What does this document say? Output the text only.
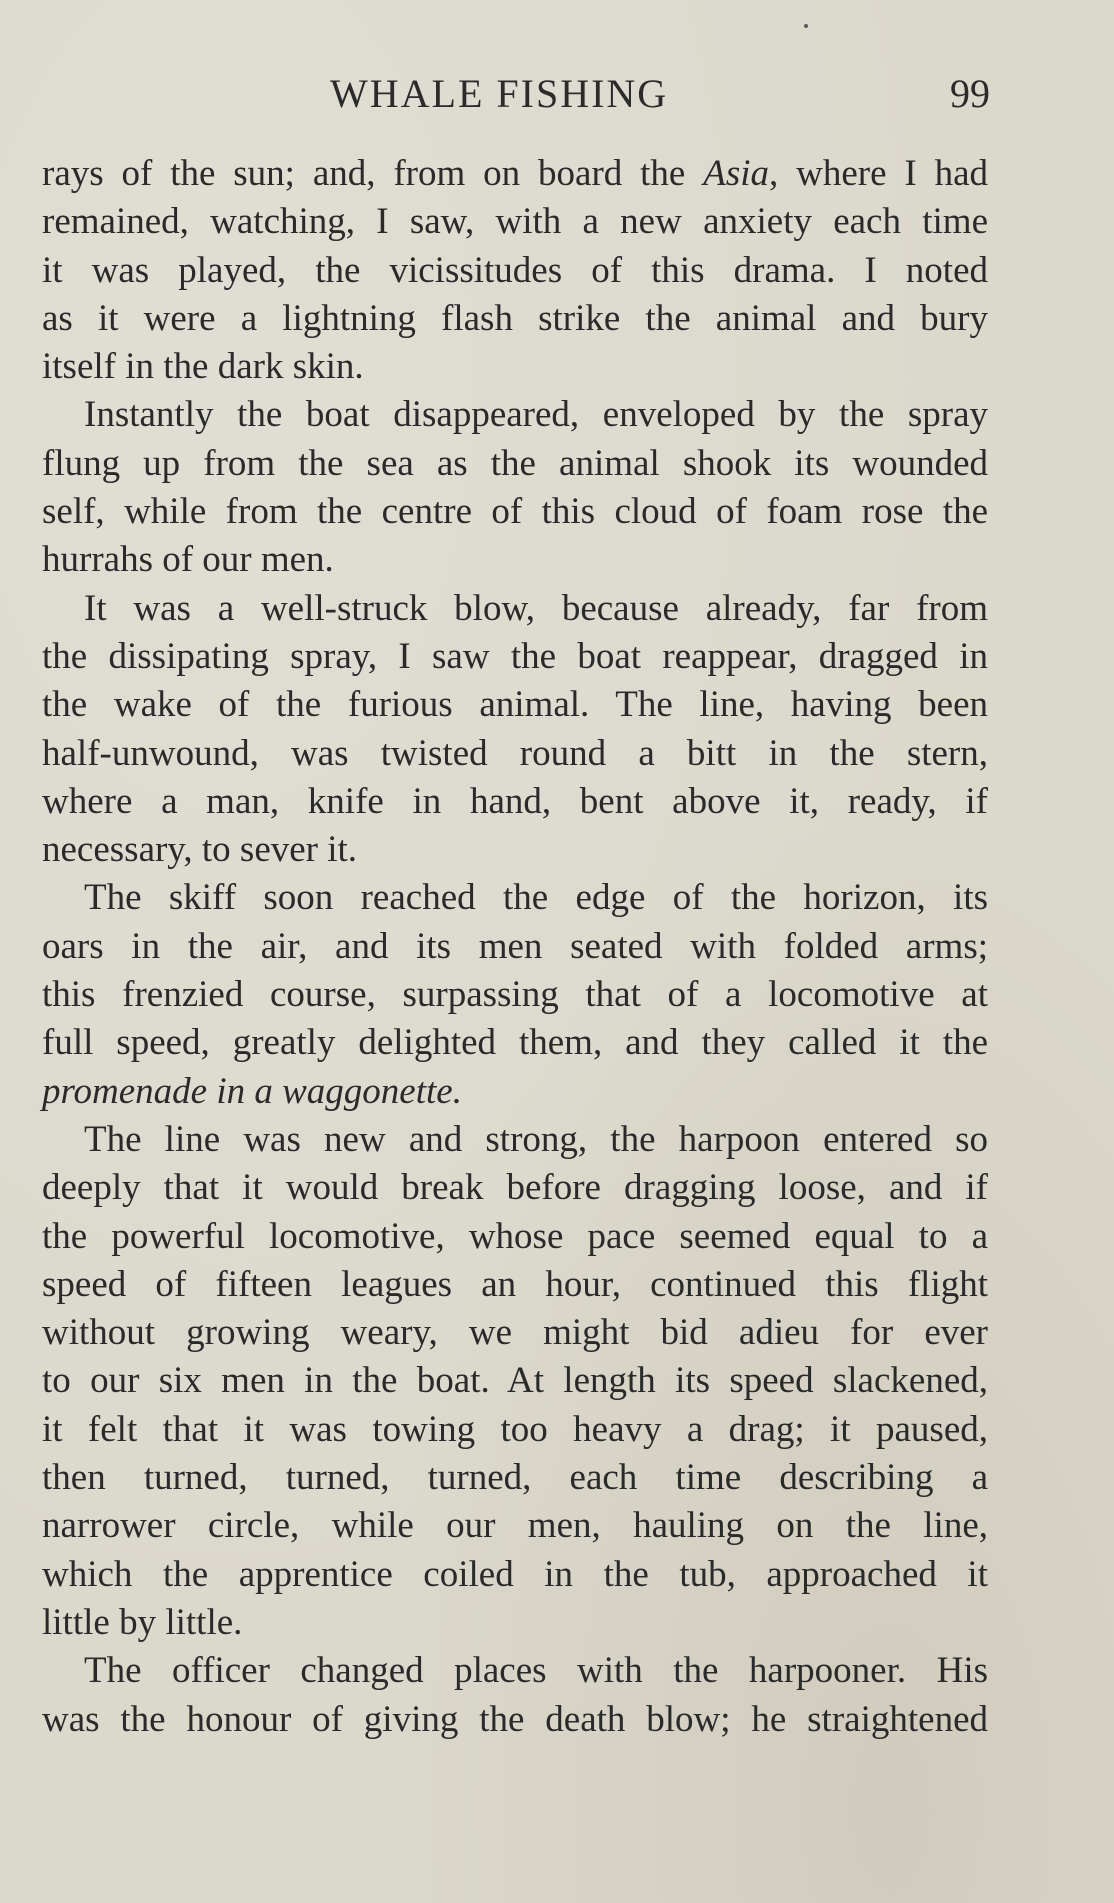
WHALE FISHING	99
rays of the sun; and, from on board the Asia, where I had
remained, watching, I saw, with a new anxiety each time
it was played, the vicissitudes of this drama. I noted
as it were a lightning flash strike the animal and bury
itself in the dark skin.
Instantly the boat disappeared, enveloped by the spray
flung up from the sea as the animal shook its wounded
self, while from the centre of this cloud of foam rose the
hurrahs of our men.
It was a well-struck blow, because already, far from
the dissipating spray, I saw the boat reappear, dragged in
the wake of the furious animal. The line, having been
half-unwound, was twisted round a bitt in the stern,
where a man, knife in hand, bent above it, ready, if
necessary, to sever it.
The skiff soon reached the edge of the horizon, its
oars in the air, and its men seated with folded arms;
this frenzied course, surpassing that of a locomotive at
full speed, greatly delighted them, and they called it the
promenade in a waggonette.
The line was new and strong, the harpoon entered so
deeply that it would break before dragging loose, and if
the powerful locomotive, whose pace seemed equal to a
speed of fifteen leagues an hour, continued this flight
without growing weary, we might bid adieu for ever
to our six men in the boat. At length its speed slackened,
it felt that it was towing too heavy a drag; it paused,
then turned, turned, turned, each time describing a
narrower circle, while our men, hauling on the line,
which the apprentice coiled in the tub, approached it
little by little.
The officer changed places with the harpooner. His
was the honour of giving the death blow; he straightened
